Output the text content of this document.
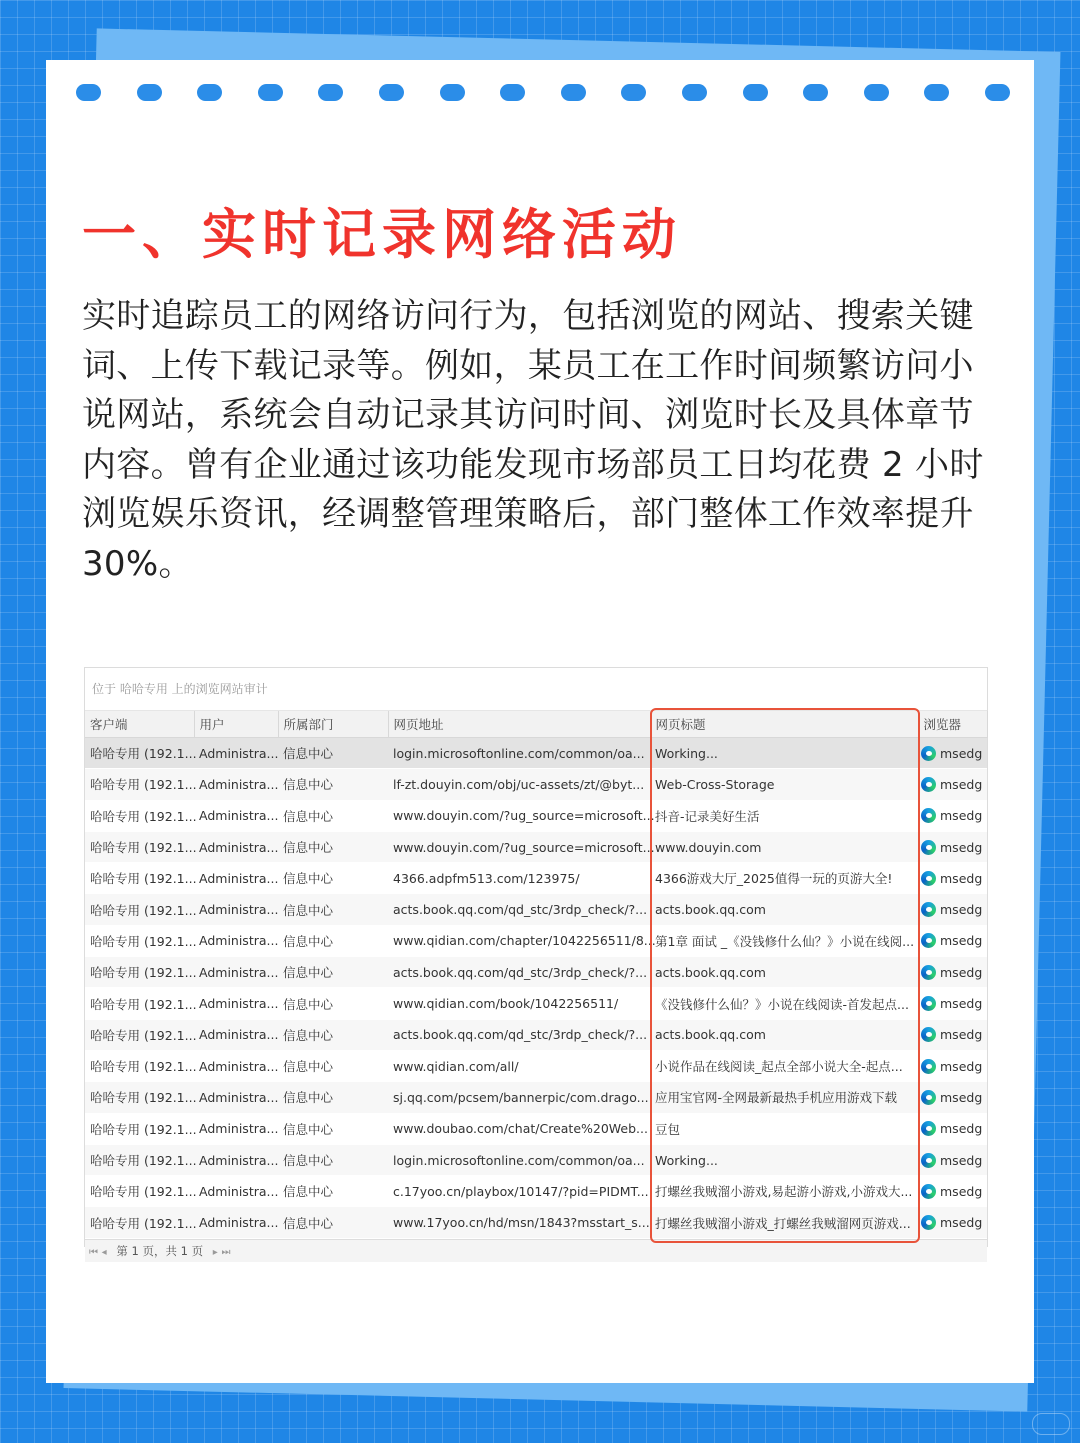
一、实时记录网络活动

实时追踪员工的网络访问行为，包括浏览的网站、搜索关键词、上传下载记录等。例如，某员工在工作时间频繁访问小说网站，系统会自动记录其访问时间、浏览时长及具体章节内容。曾有企业通过该功能发现市场部员工日均花费 2 小时浏览娱乐资讯，经调整管理策略后，部门整体工作效率提升 30%。

位于 哈哈专用 上的浏览网站审计
客户端	用户	所属部门	网页地址	网页标题	浏览器
哈哈专用 (192.1...	Administra...	信息中心	login.microsoftonline.com/common/oa...	Working...	msedg
哈哈专用 (192.1...	Administra...	信息中心	lf-zt.douyin.com/obj/uc-assets/zt/@byt...	Web-Cross-Storage	msedg
哈哈专用 (192.1...	Administra...	信息中心	www.douyin.com/?ug_source=microsoft...	抖音-记录美好生活	msedg
哈哈专用 (192.1...	Administra...	信息中心	www.douyin.com/?ug_source=microsoft...	www.douyin.com	msedg
哈哈专用 (192.1...	Administra...	信息中心	4366.adpfm513.com/123975/	4366游戏大厅_2025值得一玩的页游大全!	msedg
哈哈专用 (192.1...	Administra...	信息中心	acts.book.qq.com/qd_stc/3rdp_check/?...	acts.book.qq.com	msedg
哈哈专用 (192.1...	Administra...	信息中心	www.qidian.com/chapter/1042256511/8...	第1章 面试 _《没钱修什么仙？》小说在线阅...	msedg
哈哈专用 (192.1...	Administra...	信息中心	acts.book.qq.com/qd_stc/3rdp_check/?...	acts.book.qq.com	msedg
哈哈专用 (192.1...	Administra...	信息中心	www.qidian.com/book/1042256511/	《没钱修什么仙？》小说在线阅读-首发起点...	msedg
哈哈专用 (192.1...	Administra...	信息中心	acts.book.qq.com/qd_stc/3rdp_check/?...	acts.book.qq.com	msedg
哈哈专用 (192.1...	Administra...	信息中心	www.qidian.com/all/	小说作品在线阅读_起点全部小说大全-起点...	msedg
哈哈专用 (192.1...	Administra...	信息中心	sj.qq.com/pcsem/bannerpic/com.drago...	应用宝官网-全网最新最热手机应用游戏下载	msedg
哈哈专用 (192.1...	Administra...	信息中心	www.doubao.com/chat/Create%20Web...	豆包	msedg
哈哈专用 (192.1...	Administra...	信息中心	login.microsoftonline.com/common/oa...	Working...	msedg
哈哈专用 (192.1...	Administra...	信息中心	c.17yoo.cn/playbox/10147/?pid=PIDMT...	打螺丝我贼溜小游戏,易起游小游戏,小游戏大...	msedg
哈哈专用 (192.1...	Administra...	信息中心	www.17yoo.cn/hd/msn/1843?msstart_s...	打螺丝我贼溜小游戏_打螺丝我贼溜网页游戏...	msedg
⏮ ◂ 第 1 页，共 1 页 ▸ ⏭
